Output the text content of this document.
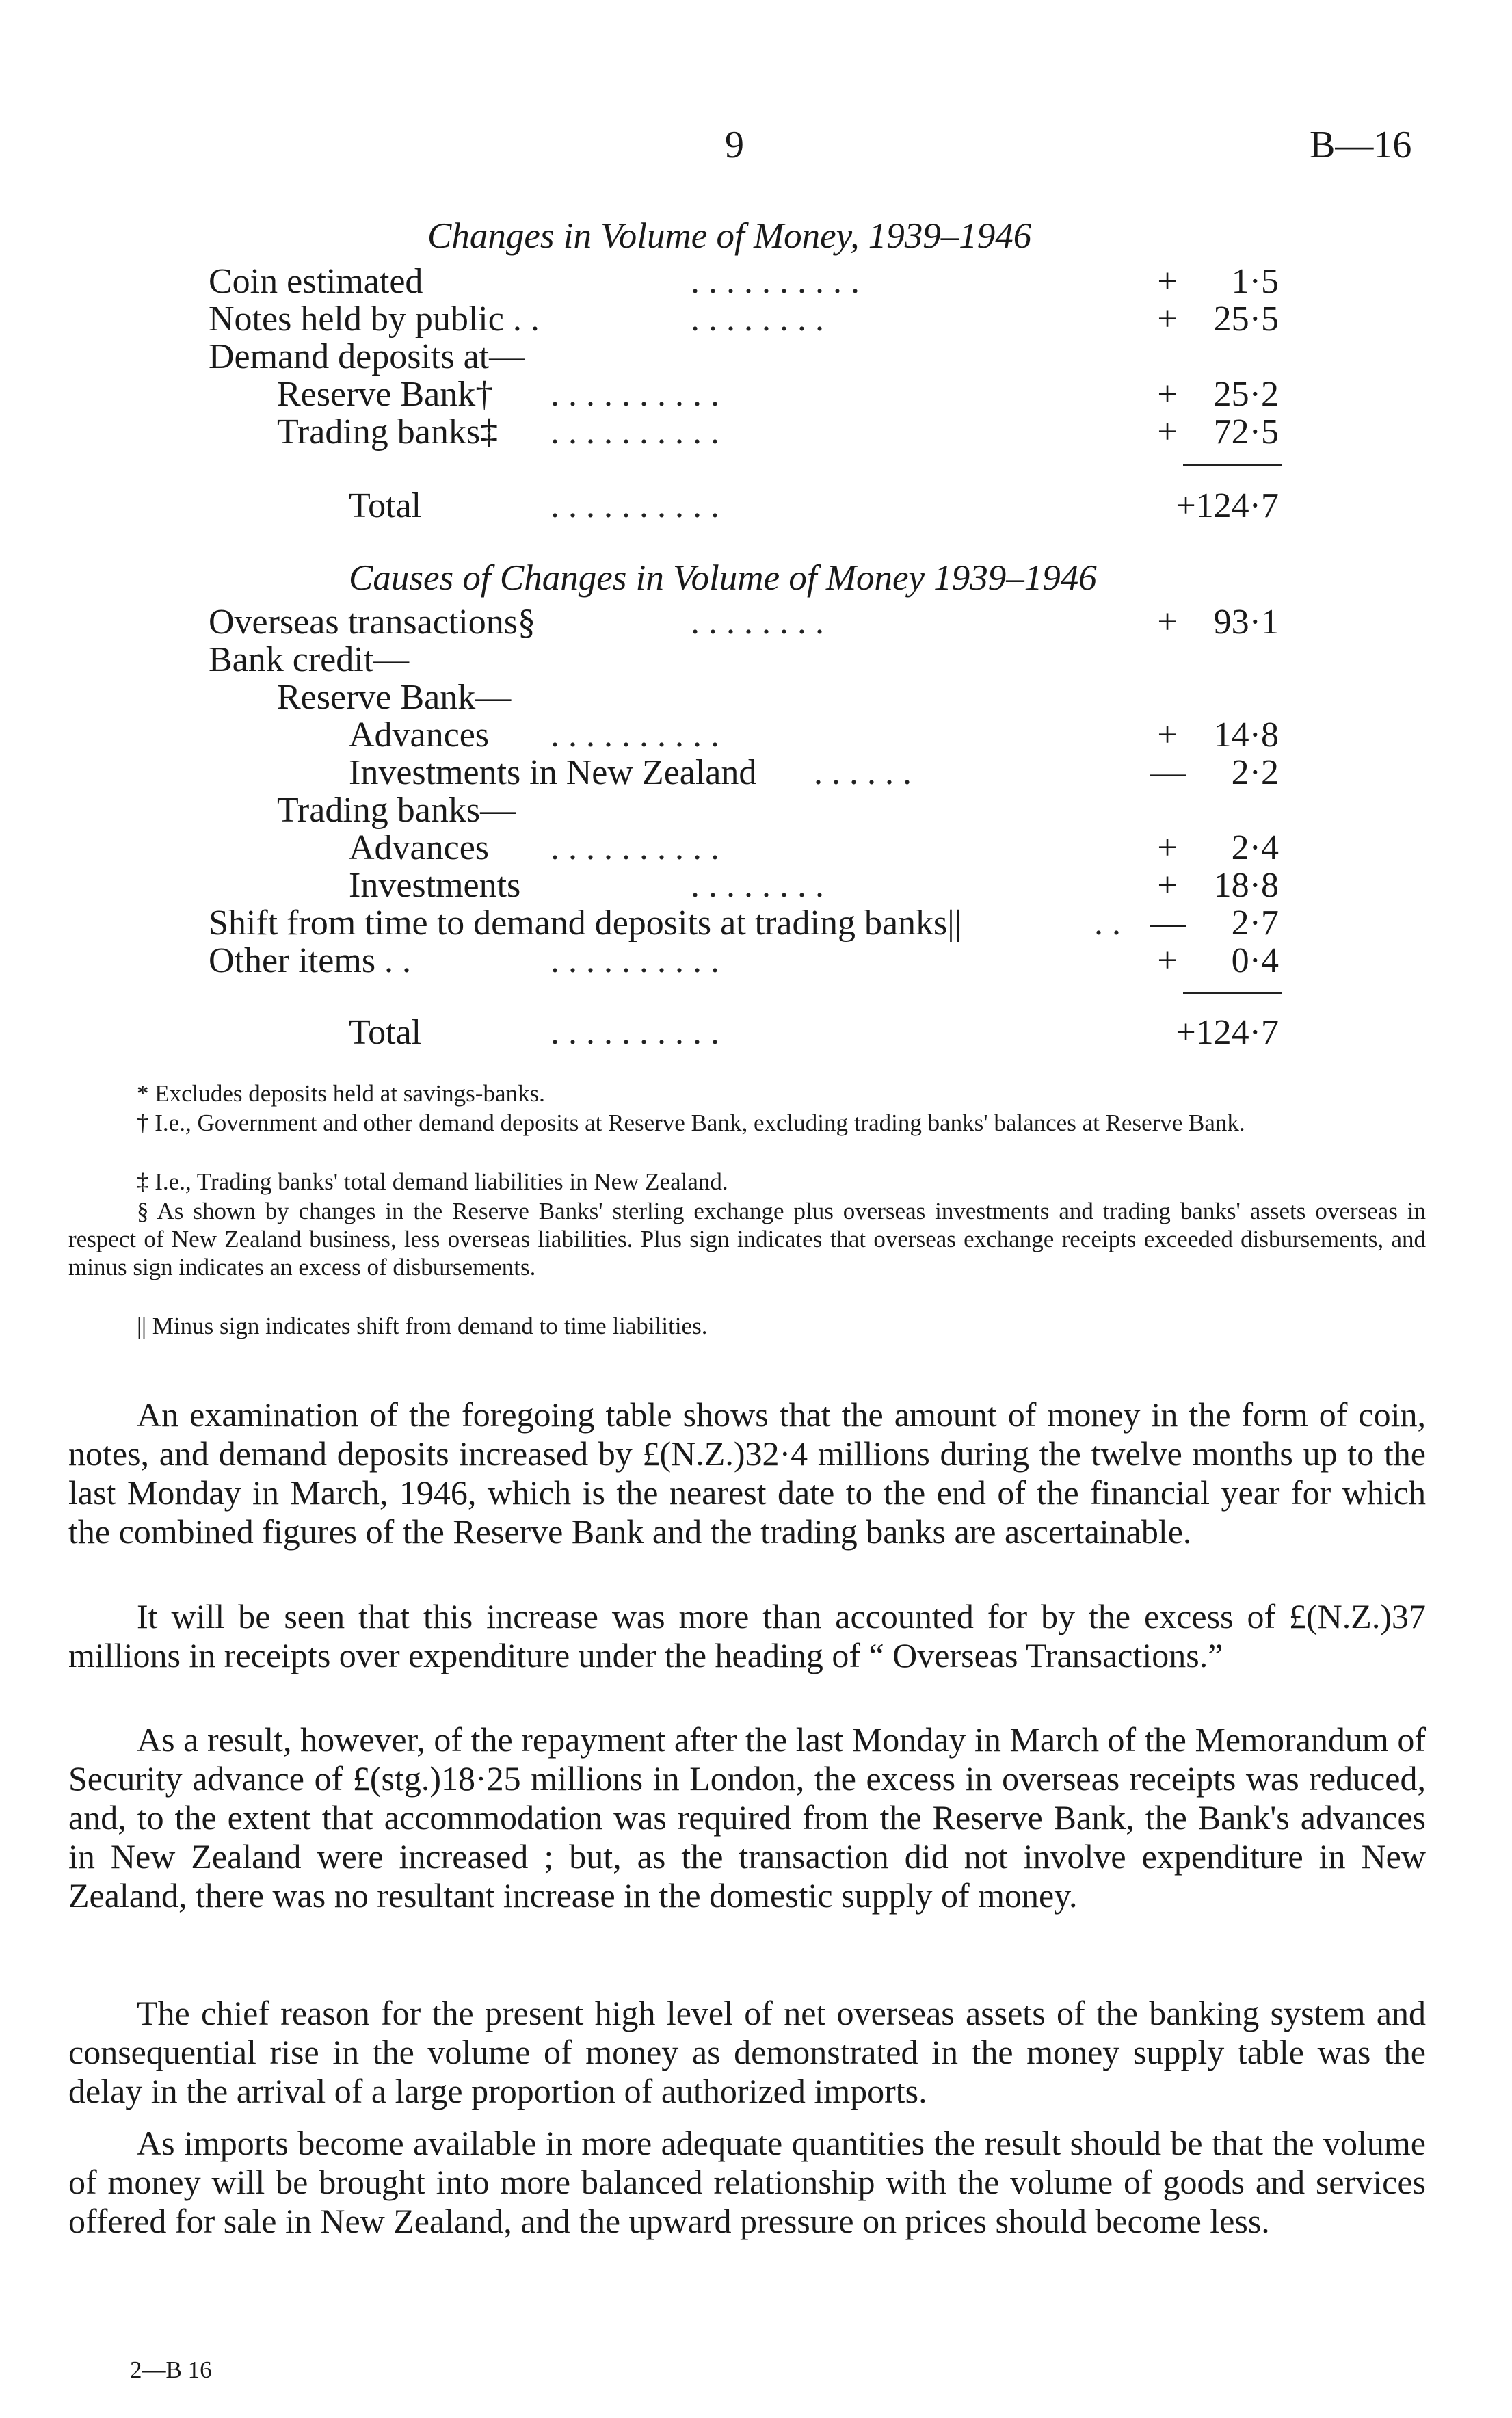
9	B—16
Changes in Volume of Money, 1939–1946
Coin estimated	. . . . . . . . . .	+	1·5
Notes held by public . .	. . . . . . . .	+	25·5
Demand deposits at—
Reserve Bank† . . . . . . . . . .	+	25·2
Trading banks‡ . . . . . . . . . .	+	72·5
Total	. . . . . . . . . .	+124·7
Causes of Changes in Volume of Money 1939–1946
Overseas transactions§	. . . . . . . .	+	93·1
Bank credit—
Reserve Bank—
Advances . . . . . . . . . .	+	14·8
Investments in New Zealand . . . . . .	—	2·2
Trading banks—
Advances . . . . . . . . . .	+	2·4
Investments	. . . . . . . .	+	18·8
Shift from time to demand deposits at trading banks||	. . —	2·7
Other items . .	. . . . . . . . . .	+	0·4
Total	. . . . . . . . . .	+124·7
* Excludes deposits held at savings-banks.
† I.e., Government and other demand deposits at Reserve Bank, excluding trading banks' balances at Reserve Bank.
‡ I.e., Trading banks' total demand liabilities in New Zealand.
§ As shown by changes in the Reserve Banks' sterling exchange plus overseas investments and trading banks' assets overseas in respect of New Zealand business, less overseas liabilities. Plus sign indicates that overseas exchange receipts exceeded disbursements, and minus sign indicates an excess of disbursements.
|| Minus sign indicates shift from demand to time liabilities.
An examination of the foregoing table shows that the amount of money in the form of coin, notes, and demand deposits increased by £(N.Z.)32·4 millions during the twelve months up to the last Monday in March, 1946, which is the nearest date to the end of the financial year for which the combined figures of the Reserve Bank and the trading banks are ascertainable.
It will be seen that this increase was more than accounted for by the excess of £(N.Z.)37 millions in receipts over expenditure under the heading of “ Overseas Transactions.”
As a result, however, of the repayment after the last Monday in March of the Memorandum of Security advance of £(stg.)18·25 millions in London, the excess in overseas receipts was reduced, and, to the extent that accommodation was required from the Reserve Bank, the Bank's advances in New Zealand were increased ; but, as the transaction did not involve expenditure in New Zealand, there was no resultant increase in the domestic supply of money.
The chief reason for the present high level of net overseas assets of the banking system and consequential rise in the volume of money as demonstrated in the money supply table was the delay in the arrival of a large proportion of authorized imports.
As imports become available in more adequate quantities the result should be that the volume of money will be brought into more balanced relationship with the volume of goods and services offered for sale in New Zealand, and the upward pressure on prices should become less.
2—B 16
